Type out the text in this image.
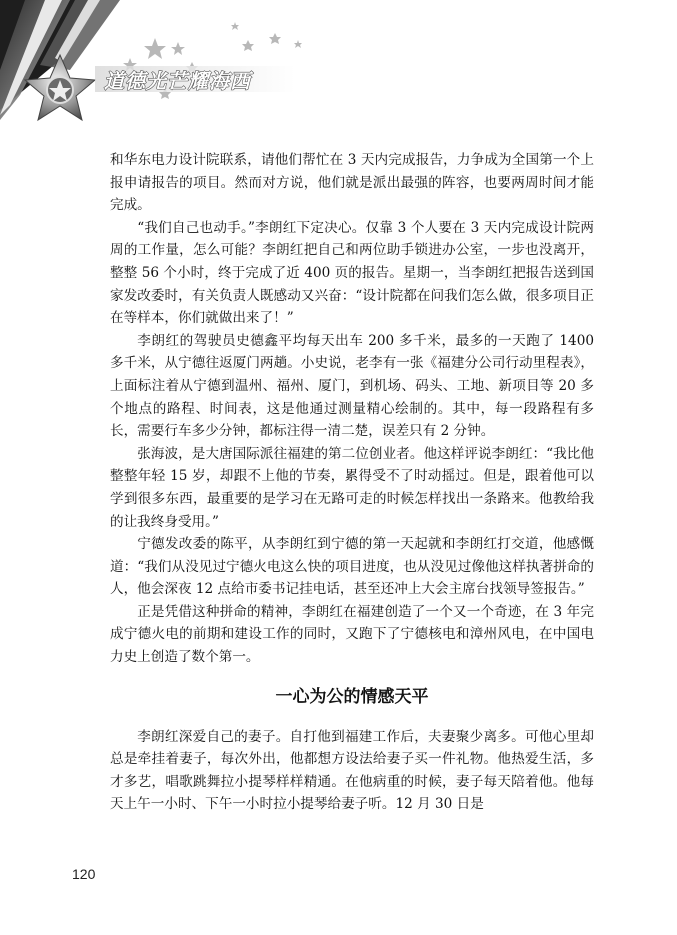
道德光芒耀海西

和华东电力设计院联系，请他们帮忙在 3 天内完成报告，力争成为全国第一个上报申请报告的项目。然而对方说，他们就是派出最强的阵容，也要两周时间才能完成。

“我们自己也动手。”李朗红下定决心。仅靠 3 个人要在 3 天内完成设计院两周的工作量，怎么可能？李朗红把自己和两位助手锁进办公室，一步也没离开，整整 56 个小时，终于完成了近 400 页的报告。星期一，当李朗红把报告送到国家发改委时，有关负责人既感动又兴奋：“设计院都在问我们怎么做，很多项目正在等样本，你们就做出来了！”

李朗红的驾驶员史德鑫平均每天出车 200 多千米，最多的一天跑了 1400 多千米，从宁德往返厦门两趟。小史说，老李有一张《福建分公司行动里程表》，上面标注着从宁德到温州、福州、厦门，到机场、码头、工地、新项目等 20 多个地点的路程、时间表，这是他通过测量精心绘制的。其中，每一段路程有多长，需要行车多少分钟，都标注得一清二楚，误差只有 2 分钟。

张海波，是大唐国际派往福建的第二位创业者。他这样评说李朗红：“我比他整整年轻 15 岁，却跟不上他的节奏，累得受不了时动摇过。但是，跟着他可以学到很多东西，最重要的是学习在无路可走的时候怎样找出一条路来。他教给我的让我终身受用。”

宁德发改委的陈平，从李朗红到宁德的第一天起就和李朗红打交道，他感慨道：“我们从没见过宁德火电这么快的项目进度，也从没见过像他这样执著拼命的人，他会深夜 12 点给市委书记挂电话，甚至还冲上大会主席台找领导签报告。”

正是凭借这种拼命的精神，李朗红在福建创造了一个又一个奇迹，在 3 年完成宁德火电的前期和建设工作的同时，又跑下了宁德核电和漳州风电，在中国电力史上创造了数个第一。

一心为公的情感天平

李朗红深爱自己的妻子。自打他到福建工作后，夫妻聚少离多。可他心里却总是牵挂着妻子，每次外出，他都想方设法给妻子买一件礼物。他热爱生活，多才多艺，唱歌跳舞拉小提琴样样精通。在他病重的时候，妻子每天陪着他。他每天上午一小时、下午一小时拉小提琴给妻子听。12 月 30 日是

120
